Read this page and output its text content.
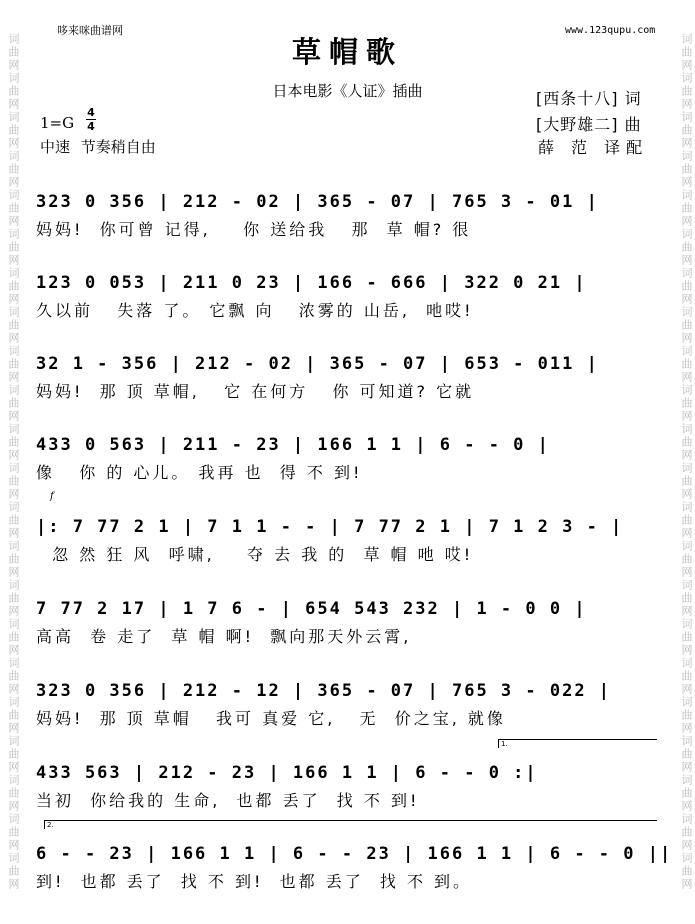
词曲网词曲网词曲网词曲网词曲网词曲网词曲网词曲网词曲网词曲网词曲网词曲网词曲网词曲网词曲网词曲网词曲网词曲网词曲网词曲网词曲网词曲网	词曲网词曲网词曲网词曲网词曲网词曲网词曲网词曲网词曲网词曲网词曲网词曲网词曲网词曲网词曲网词曲网词曲网词曲网词曲网词曲网词曲网词曲网
哆来咪曲谱网	www.123qupu.com
草帽歌
日本电影《人证》插曲	[西条十八] 词
[大野雄二] 曲
薛 范 译配
1=G
4
4
中速 节奏稍自由
323 0 356 | 212 - 02 | 365 - 07 | 765 3 - 01 |
妈妈!  你可曾 记得,    你 送给我   那  草 帽? 很
123 0 053 | 211 0 23 | 166 - 666 | 322 0 21 |
久以前   失落 了。 它飘 向   浓雾的 山岳,  吔哎!
32 1 - 356 | 212 - 02 | 365 - 07 | 653 - 011 |
妈妈!  那 顶 草帽,   它 在何方   你 可知道? 它就
433 0 563 | 211 - 23 | 166 1 1 | 6 - - 0 |
像   你 的 心儿。 我再 也  得 不 到!
f
|: 7 77 2 1 | 7 1 1 - - | 7 77 2 1 | 7 1 2 3 - |
忽 然 狂 风  呼啸,    夺 去 我 的  草 帽 吔 哎!
7 77 2 17 | 1 7 6 - | 654 543 232 | 1 - 0 0 |
高高  卷 走了  草 帽 啊!  飘向那天外云霄,
323 0 356 | 212 - 12 | 365 - 07 | 765 3 - 022 |
妈妈!  那 顶 草帽   我可 真爱 它,   无  价之宝, 就像
1.
433 563 | 212 - 23 | 166 1 1 | 6 - - 0 :|
当初  你给我的 生命,  也都 丢了  找 不 到!
2.
6 - - 23 | 166 1 1 | 6 - - 23 | 166 1 1 | 6 - - 0 ||
到!  也都 丢了  找 不 到!  也都 丢了  找 不 到。
